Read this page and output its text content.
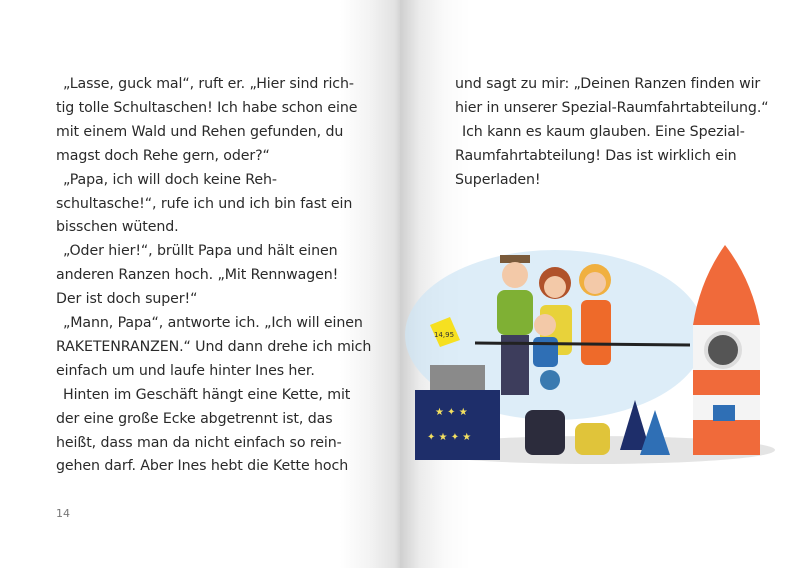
„Lasse, guck mal“, ruft er. „Hier sind rich-
tig tolle Schultaschen! Ich habe schon eine
mit einem Wald und Rehen gefunden, du
magst doch Rehe gern, oder?“
„Papa, ich will doch keine Reh-
schultasche!“, rufe ich und ich bin fast ein
bisschen wütend.
„Oder hier!“, brüllt Papa und hält einen
anderen Ranzen hoch. „Mit Rennwagen!
Der ist doch super!“
„Mann, Papa“, antworte ich. „Ich will einen
RAKETENRANZEN.“ Und dann drehe ich mich
einfach um und laufe hinter Ines her.
Hinten im Geschäft hängt eine Kette, mit
der eine große Ecke abgetrennt ist, das
heißt, dass man da nicht einfach so rein-
gehen darf. Aber Ines hebt die Kette hoch
14
und sagt zu mir: „Deinen Ranzen finden wir
hier in unserer Spezial-Raumfahrtabteilung.“
Ich kann es kaum glauben. Eine Spezial-
Raumfahrtabteilung! Das ist wirklich ein
Superladen!
★ ✦ ★
✦ ★ ✦ ★
14,95
